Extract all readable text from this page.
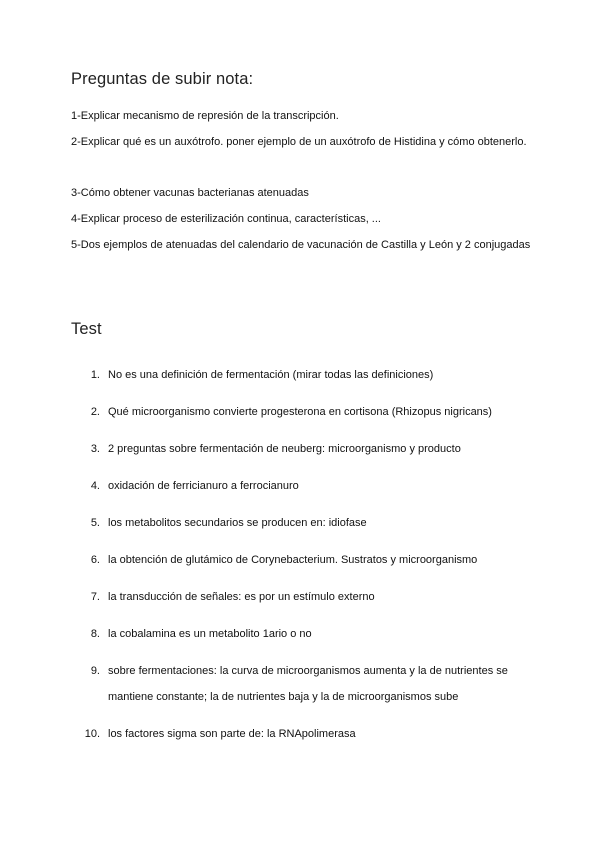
Preguntas de subir nota:

1-Explicar mecanismo de represión de la transcripción.

2-Explicar qué es un auxótrofo. poner ejemplo de un auxótrofo de Histidina y cómo obtenerlo.

3-Cómo obtener vacunas bacterianas atenuadas

4-Explicar proceso de esterilización continua, características, ...

5-Dos ejemplos de atenuadas del calendario de vacunación de Castilla y León y 2 conjugadas

Test
1. No es una definición de fermentación (mirar todas las definiciones)
2. Qué microorganismo convierte progesterona en cortisona (Rhizopus nigricans)
3. 2 preguntas sobre fermentación de neuberg: microorganismo y producto
4. oxidación de ferricianuro a ferrocianuro
5. los metabolitos secundarios se producen en: idiofase
6. la obtención de glutámico de Corynebacterium. Sustratos y microorganismo
7. la transducción de señales: es por un estímulo externo
8. la cobalamina es un metabolito 1ario o no
9. sobre fermentaciones: la curva de microorganismos aumenta y la de nutrientes se mantiene constante; la de nutrientes baja y la de microorganismos sube
10. los factores sigma son parte de: la RNApolimerasa
